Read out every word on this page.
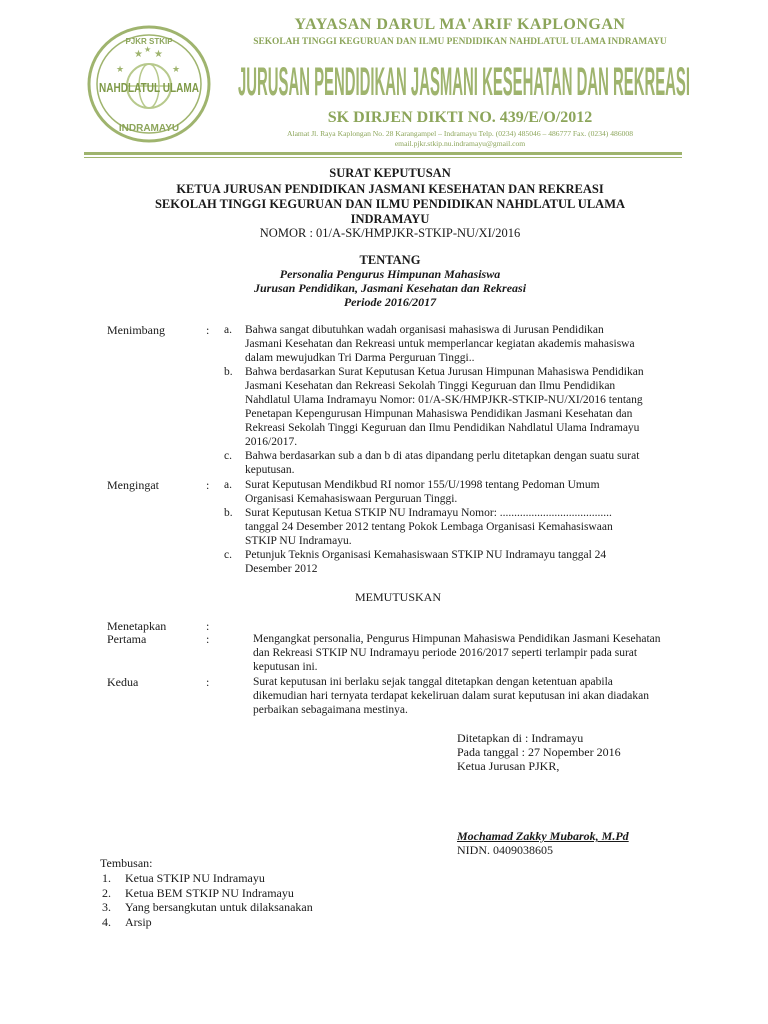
★ ★
★	★
★
PJKR STKIP
NAHDLATUL ULAMA
INDRAMAYU
YAYASAN DARUL MA'ARIF KAPLONGAN
SEKOLAH TINGGI KEGURUAN DAN ILMU PENDIDIKAN NAHDLATUL ULAMA INDRAMAYU
JURUSAN PENDIDIKAN JASMANI KESEHATAN DAN REKREASI
SK DIRJEN DIKTI NO. 439/E/O/2012
Alamat Jl. Raya Kaplongan No. 28 Karangampel – Indramayu Telp. (0234) 485046 – 486777 Fax. (0234) 486008
email.pjkr.stkip.nu.indramayu@gmail.com
SURAT KEPUTUSAN
KETUA JURUSAN PENDIDIKAN JASMANI KESEHATAN DAN REKREASI
SEKOLAH TINGGI KEGURUAN DAN ILMU PENDIDIKAN NAHDLATUL ULAMA
INDRAMAYU
NOMOR : 01/A-SK/HMPJKR-STKIP-NU/XI/2016
TENTANG
Personalia Pengurus Himpunan Mahasiswa
Jurusan Pendidikan, Jasmani Kesehatan dan Rekreasi
Periode 2016/2017
Menimbang	: a. Bahwa sangat dibutuhkan wadah organisasi mahasiswa di Jurusan Pendidikan
Jasmani Kesehatan dan Rekreasi untuk memperlancar kegiatan akademis mahasiswa
dalam mewujudkan Tri Darma Perguruan Tinggi..
b. Bahwa berdasarkan Surat Keputusan Ketua Jurusan Himpunan Mahasiswa Pendidikan
Jasmani Kesehatan dan Rekreasi Sekolah Tinggi Keguruan dan Ilmu Pendidikan
Nahdlatul Ulama Indramayu Nomor: 01/A-SK/HMPJKR-STKIP-NU/XI/2016 tentang
Penetapan Kepengurusan Himpunan Mahasiswa Pendidikan Jasmani Kesehatan dan
Rekreasi Sekolah Tinggi Keguruan dan Ilmu Pendidikan Nahdlatul Ulama Indramayu
2016/2017.
c. Bahwa berdasarkan sub a dan b di atas dipandang perlu ditetapkan dengan suatu surat
keputusan.
Mengingat	: a. Surat Keputusan Mendikbud RI nomor 155/U/1998 tentang Pedoman Umum
Organisasi Kemahasiswaan Perguruan Tinggi.
b. Surat Keputusan Ketua STKIP NU Indramayu Nomor: .......................................
tanggal 24 Desember 2012 tentang Pokok Lembaga Organisasi Kemahasiswaan
STKIP NU Indramayu.
c. Petunjuk Teknis Organisasi Kemahasiswaan STKIP NU Indramayu tanggal 24
Desember 2012
MEMUTUSKAN
Menetapkan	:
Pertama	:	Mengangkat personalia, Pengurus Himpunan Mahasiswa Pendidikan Jasmani Kesehatan
dan Rekreasi STKIP NU Indramayu periode 2016/2017 seperti terlampir pada surat
keputusan ini.
Kedua	:	Surat keputusan ini berlaku sejak tanggal ditetapkan dengan ketentuan apabila
dikemudian hari ternyata terdapat kekeliruan dalam surat keputusan ini akan diadakan
perbaikan sebagaimana mestinya.
Ditetapkan di : Indramayu
Pada tanggal : 27 Nopember 2016
Ketua Jurusan PJKR,
Mochamad Zakky Mubarok, M.Pd
NIDN. 0409038605
Tembusan:
1. Ketua STKIP NU Indramayu
2. Ketua BEM STKIP NU Indramayu
3. Yang bersangkutan untuk dilaksanakan
4. Arsip
